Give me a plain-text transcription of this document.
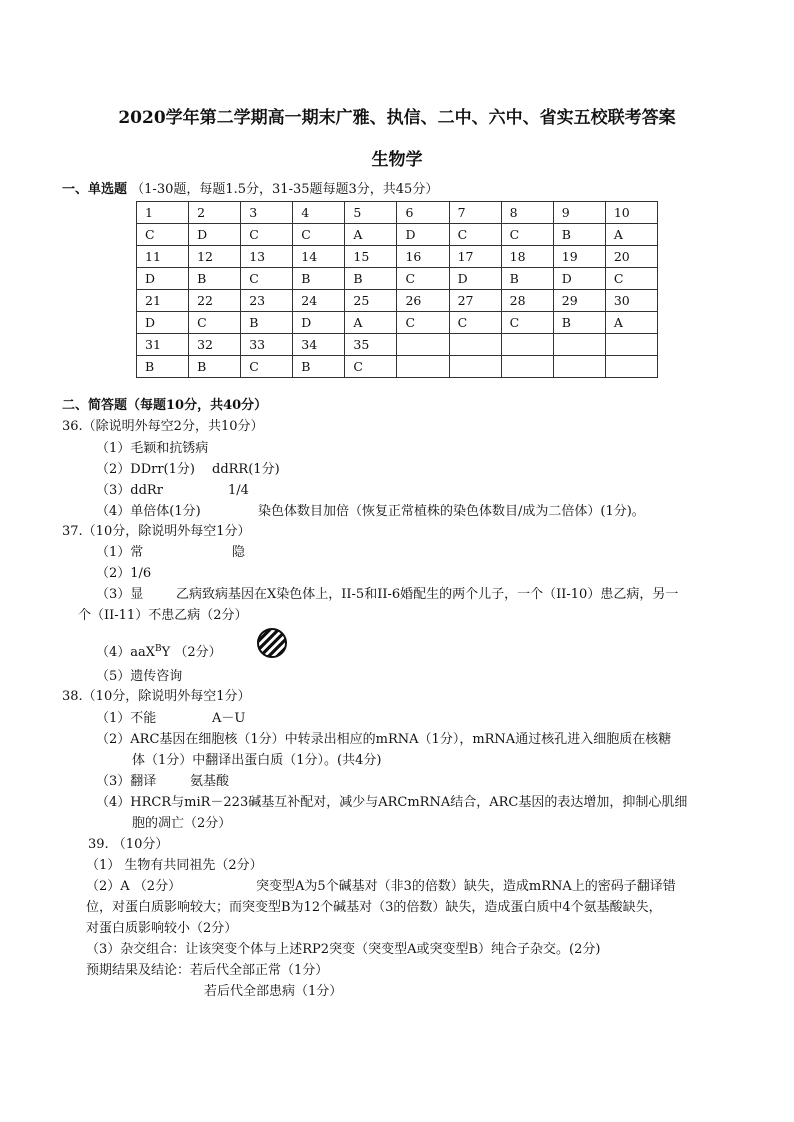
2020学年第二学期高一期末广雅、执信、二中、六中、省实五校联考答案
生物学
一、单选题 （1-30题，每题1.5分，31-35题每题3分，共45分）
1	2	3	4	5	6	7	8	9	10
C	D	C	C	A	D	C	C	B	A
11	12	13	14	15	16	17	18	19	20
D	B	C	B	B	C	D	B	D	C
21	22	23	24	25	26	27	28	29	30
D	C	B	D	A	C	C	C	B	A
31	32	33	34	35					
B	B	C	B	C					
二、简答题（每题10分，共40分）
36.（除说明外每空2分，共10分）
（1）毛颖和抗锈病
（2）DDrr(1分) ddRR(1分)
（3）ddRr	1/4
（4）单倍体(1分)	染色体数目加倍（恢复正常植株的染色体数目/成为二倍体）(1分)。
37.（10分，除说明外每空1分）
（1）常	隐
（2）1/6
（3）显	乙病致病基因在X染色体上，II-5和II-6婚配生的两个儿子，一个（II-10）患乙病，另一
个（II-11）不患乙病（2分）
（4）aaX$^B$Y （2分）
（5）遗传咨询
38.（10分，除说明外每空1分）
（1）不能	A－U
（2）ARC基因在细胞核（1分）中转录出相应的mRNA（1分），mRNA通过核孔进入细胞质在核糖
体（1分）中翻译出蛋白质（1分）。(共4分)
（3）翻译	氨基酸
（4）HRCR与miR－223碱基互补配对，减少与ARCmRNA结合，ARC基因的表达增加，抑制心肌细
胞的凋亡（2分）
39. （10分）
（1） 生物有共同祖先（2分）
（2）A （2分）	突变型A为5个碱基对（非3的倍数）缺失，造成mRNA上的密码子翻译错
位，对蛋白质影响较大；而突变型B为12个碱基对（3的倍数）缺失，造成蛋白质中4个氨基酸缺失，
对蛋白质影响较小（2分）
（3）杂交组合：让该突变个体与上述RP2突变（突变型A或突变型B）纯合子杂交。(2分)
预期结果及结论：若后代全部正常（1分）
若后代全部患病（1分）
